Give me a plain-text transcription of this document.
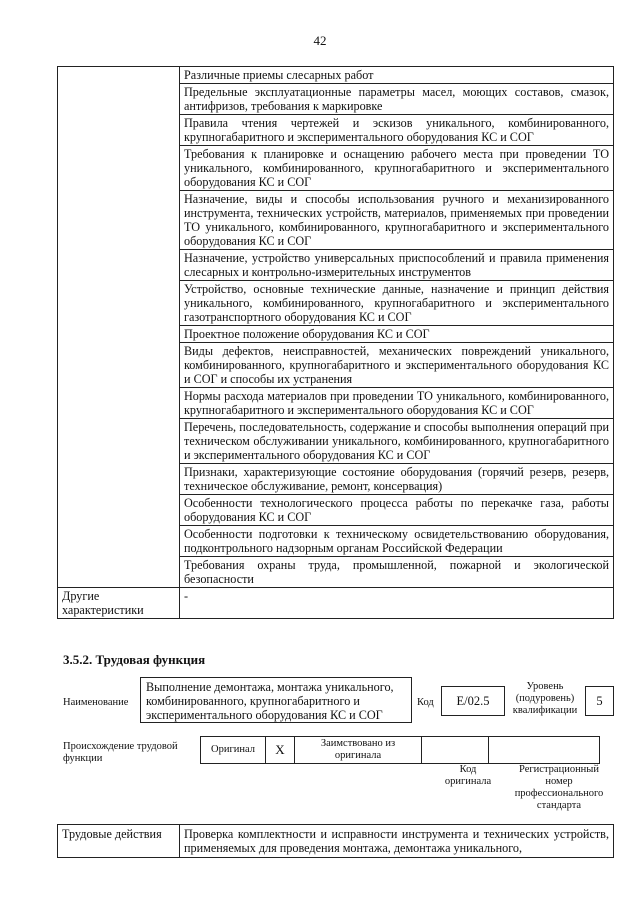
42
	Различные приемы слесарных работ
	Предельные эксплуатационные параметры масел, моющих составов, смазок, антифризов, требования к маркировке
	Правила чтения чертежей и эскизов уникального, комбинированного, крупногабаритного и экспериментального оборудования КС и СОГ
	Требования к планировке и оснащению рабочего места при проведении ТО уникального, комбинированного, крупногабаритного и экспериментального оборудования КС и СОГ
	Назначение, виды и способы использования ручного и механизированного инструмента, технических устройств, материалов, применяемых при проведении ТО уникального, комбинированного, крупногабаритного и экспериментального оборудования КС и СОГ
	Назначение, устройство универсальных приспособлений и правила применения слесарных и контрольно-измерительных инструментов
	Устройство, основные технические данные, назначение и принцип действия уникального, комбинированного, крупногабаритного и экспериментального газотранспортного оборудования КС и СОГ
	Проектное положение оборудования КС и СОГ
	Виды дефектов, неисправностей, механических повреждений уникального, комбинированного, крупногабаритного и экспериментального оборудования КС и СОГ и способы их устранения
	Нормы расхода материалов при проведении ТО уникального, комбинированного, крупногабаритного и экспериментального оборудования КС и СОГ
	Перечень, последовательность, содержание и способы выполнения операций при техническом обслуживании уникального, комбинированного, крупногабаритного и экспериментального оборудования КС и СОГ
	Признаки, характеризующие состояние оборудования (горячий резерв, резерв, техническое обслуживание, ремонт, консервация)
	Особенности технологического процесса работы по перекачке газа, работы оборудования КС и СОГ
	Особенности подготовки к техническому освидетельствованию оборудования, подконтрольного надзорным органам Российской Федерации
	Требования охраны труда, промышленной, пожарной и экологической безопасности
Другие характеристики	-
3.5.2. Трудовая функция
Наименование
Выполнение демонтажа, монтажа уникального, комбинированного, крупногабаритного и экспериментального оборудования КС и СОГ
Код	E/02.5
Уровень (подуровень) квалификации
5
Происхождение трудовой функции
Оригинал	X	Заимствовано из оригинала		
Код оригинала
Регистрационный номер профессионального стандарта
Трудовые действия	Проверка комплектности и исправности инструмента и технических устройств, применяемых для проведения монтажа, демонтажа уникального,
